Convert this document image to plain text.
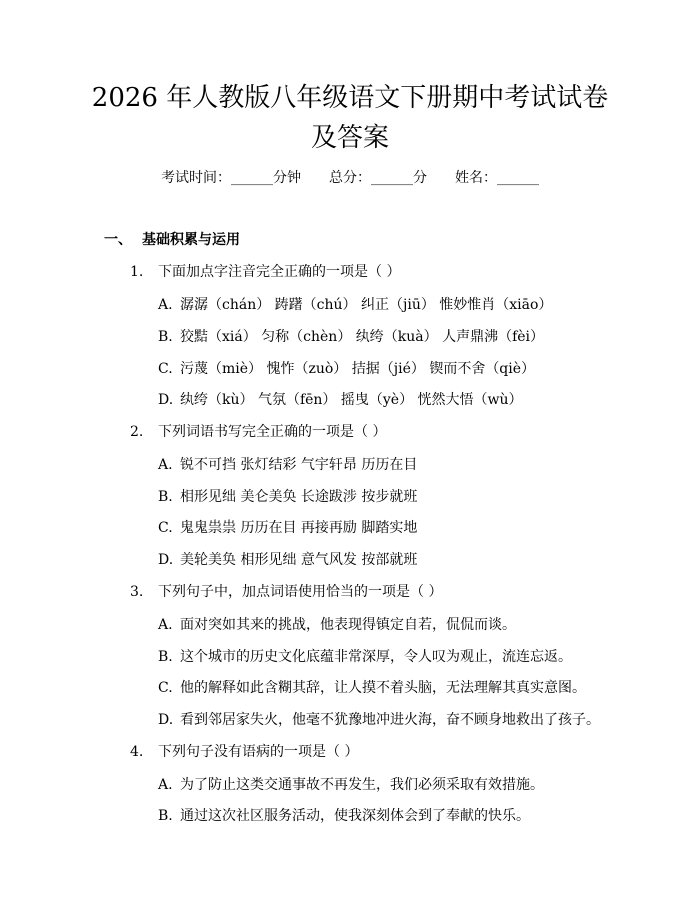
2026 年人教版八年级语文下册期中考试试卷
及答案
考试时间：______分钟 总分：______分 姓名：______
一、 基础积累与运用
1. 下面加点字注音完全正确的一项是（ ）
A. 潺潺（chán） 踌躇（chú） 纠正（jiū） 惟妙惟肖（xiāo）
B. 狡黠（xiá） 匀称（chèn） 纨绔（kuà） 人声鼎沸（fèi）
C. 污蔑（miè） 愧怍（zuò） 拮据（jié） 锲而不舍（qiè）
D. 纨绔（kù） 气氛（fēn） 摇曳（yè） 恍然大悟（wù）
2. 下列词语书写完全正确的一项是（ ）
A. 锐不可挡 张灯结彩 气宇轩昂 历历在目
B. 相形见绌 美仑美奂 长途跋涉 按步就班
C. 鬼鬼祟祟 历历在目 再接再励 脚踏实地
D. 美轮美奂 相形见绌 意气风发 按部就班
3. 下列句子中，加点词语使用恰当的一项是（ ）
A. 面对突如其来的挑战，他表现得镇定自若，侃侃而谈。
B. 这个城市的历史文化底蕴非常深厚，令人叹为观止，流连忘返。
C. 他的解释如此含糊其辞，让人摸不着头脑，无法理解其真实意图。
D. 看到邻居家失火，他毫不犹豫地冲进火海，奋不顾身地救出了孩子。
4. 下列句子没有语病的一项是（ ）
A. 为了防止这类交通事故不再发生，我们必须采取有效措施。
B. 通过这次社区服务活动，使我深刻体会到了奉献的快乐。
